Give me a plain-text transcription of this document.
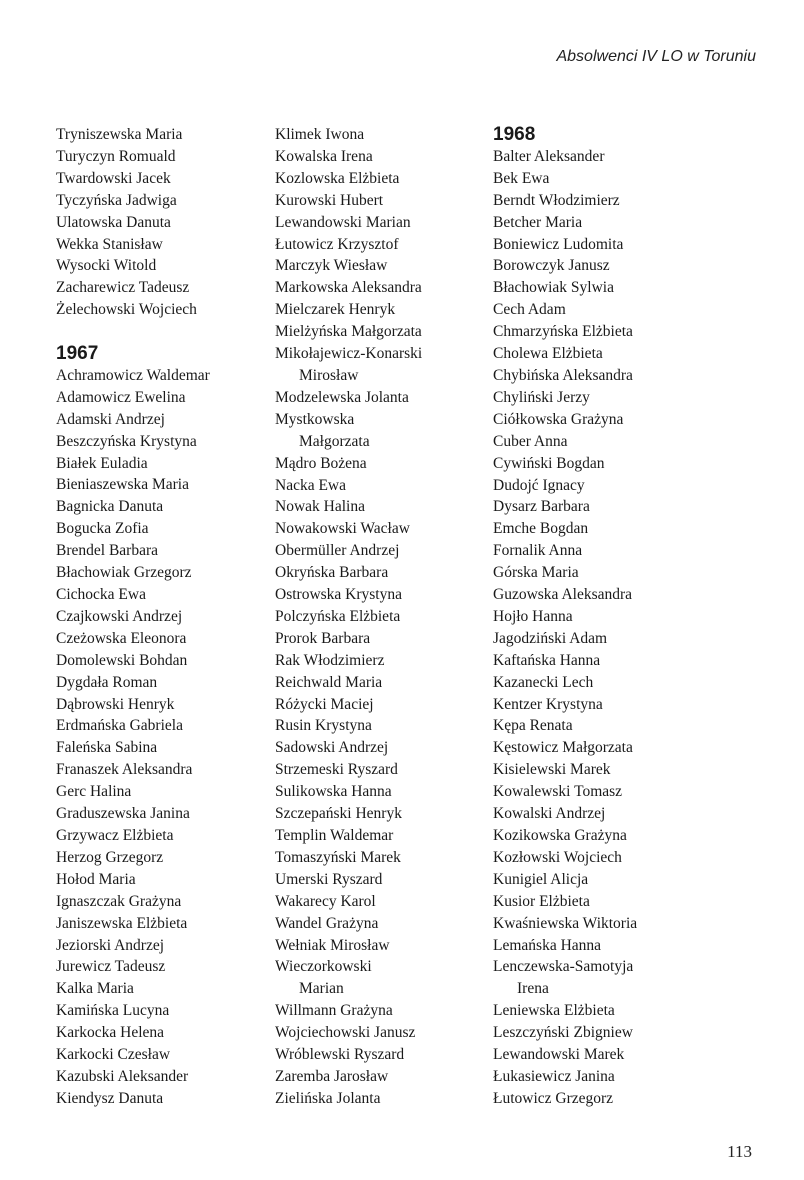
Absolwenci IV LO w Toruniu
Tryniszewska Maria
Turyczyn Romuald
Twardowski Jacek
Tyczyńska Jadwiga
Ulatowska Danuta
Wekka Stanisław
Wysocki Witold
Zacharewicz Tadeusz
Żelechowski Wojciech
1967
Achramowicz Waldemar
Adamowicz Ewelina
Adamski Andrzej
Beszczyńska Krystyna
Białek Euladia
Bieniaszewska Maria
Bagnicka Danuta
Bogucka Zofia
Brendel Barbara
Błachowiak Grzegorz
Cichocka Ewa
Czajkowski Andrzej
Czeżowska Eleonora
Domolewski Bohdan
Dygdała Roman
Dąbrowski Henryk
Erdmańska Gabriela
Faleńska Sabina
Franaszek Aleksandra
Gerc Halina
Graduszewska Janina
Grzywacz Elżbieta
Herzog Grzegorz
Hołod Maria
Ignaszczak Grażyna
Janiszewska Elżbieta
Jeziorski Andrzej
Jurewicz Tadeusz
Kalka Maria
Kamińska Lucyna
Karkocka Helena
Karkocki Czesław
Kazubski Aleksander
Kiendysz Danuta
Klimek Iwona
Kowalska Irena
Kozlowska Elżbieta
Kurowski Hubert
Lewandowski Marian
Łutowicz Krzysztof
Marczyk Wiesław
Markowska Aleksandra
Mielczarek Henryk
Mielżyńska Małgorzata
Mikołajewicz-Konarski
Mirosław
Modzelewska Jolanta
Mystkowska
Małgorzata
Mądro Bożena
Nacka Ewa
Nowak Halina
Nowakowski Wacław
Obermüller Andrzej
Okryńska Barbara
Ostrowska Krystyna
Polczyńska Elżbieta
Prorok Barbara
Rak Włodzimierz
Reichwald Maria
Różycki Maciej
Rusin Krystyna
Sadowski Andrzej
Strzemeski Ryszard
Sulikowska Hanna
Szczepański Henryk
Templin Waldemar
Tomaszyński Marek
Umerski Ryszard
Wakarecy Karol
Wandel Grażyna
Wełniak Mirosław
Wieczorkowski
Marian
Willmann Grażyna
Wojciechowski Janusz
Wróblewski Ryszard
Zaremba Jarosław
Zielińska Jolanta
1968
Balter Aleksander
Bek Ewa
Berndt Włodzimierz
Betcher Maria
Boniewicz Ludomita
Borowczyk Janusz
Błachowiak Sylwia
Cech Adam
Chmarzyńska Elżbieta
Cholewa Elżbieta
Chybińska Aleksandra
Chyliński Jerzy
Ciółkowska Grażyna
Cuber Anna
Cywiński Bogdan
Dudojć Ignacy
Dysarz Barbara
Emche Bogdan
Fornalik Anna
Górska Maria
Guzowska Aleksandra
Hojło Hanna
Jagodziński Adam
Kaftańska Hanna
Kazanecki Lech
Kentzer Krystyna
Kępa Renata
Kęstowicz Małgorzata
Kisielewski Marek
Kowalewski Tomasz
Kowalski Andrzej
Kozikowska Grażyna
Kozłowski Wojciech
Kunigiel Alicja
Kusior Elżbieta
Kwaśniewska Wiktoria
Lemańska Hanna
Lenczewska-Samotyja
Irena
Leniewska Elżbieta
Leszczyński Zbigniew
Lewandowski Marek
Łukasiewicz Janina
Łutowicz Grzegorz
113
